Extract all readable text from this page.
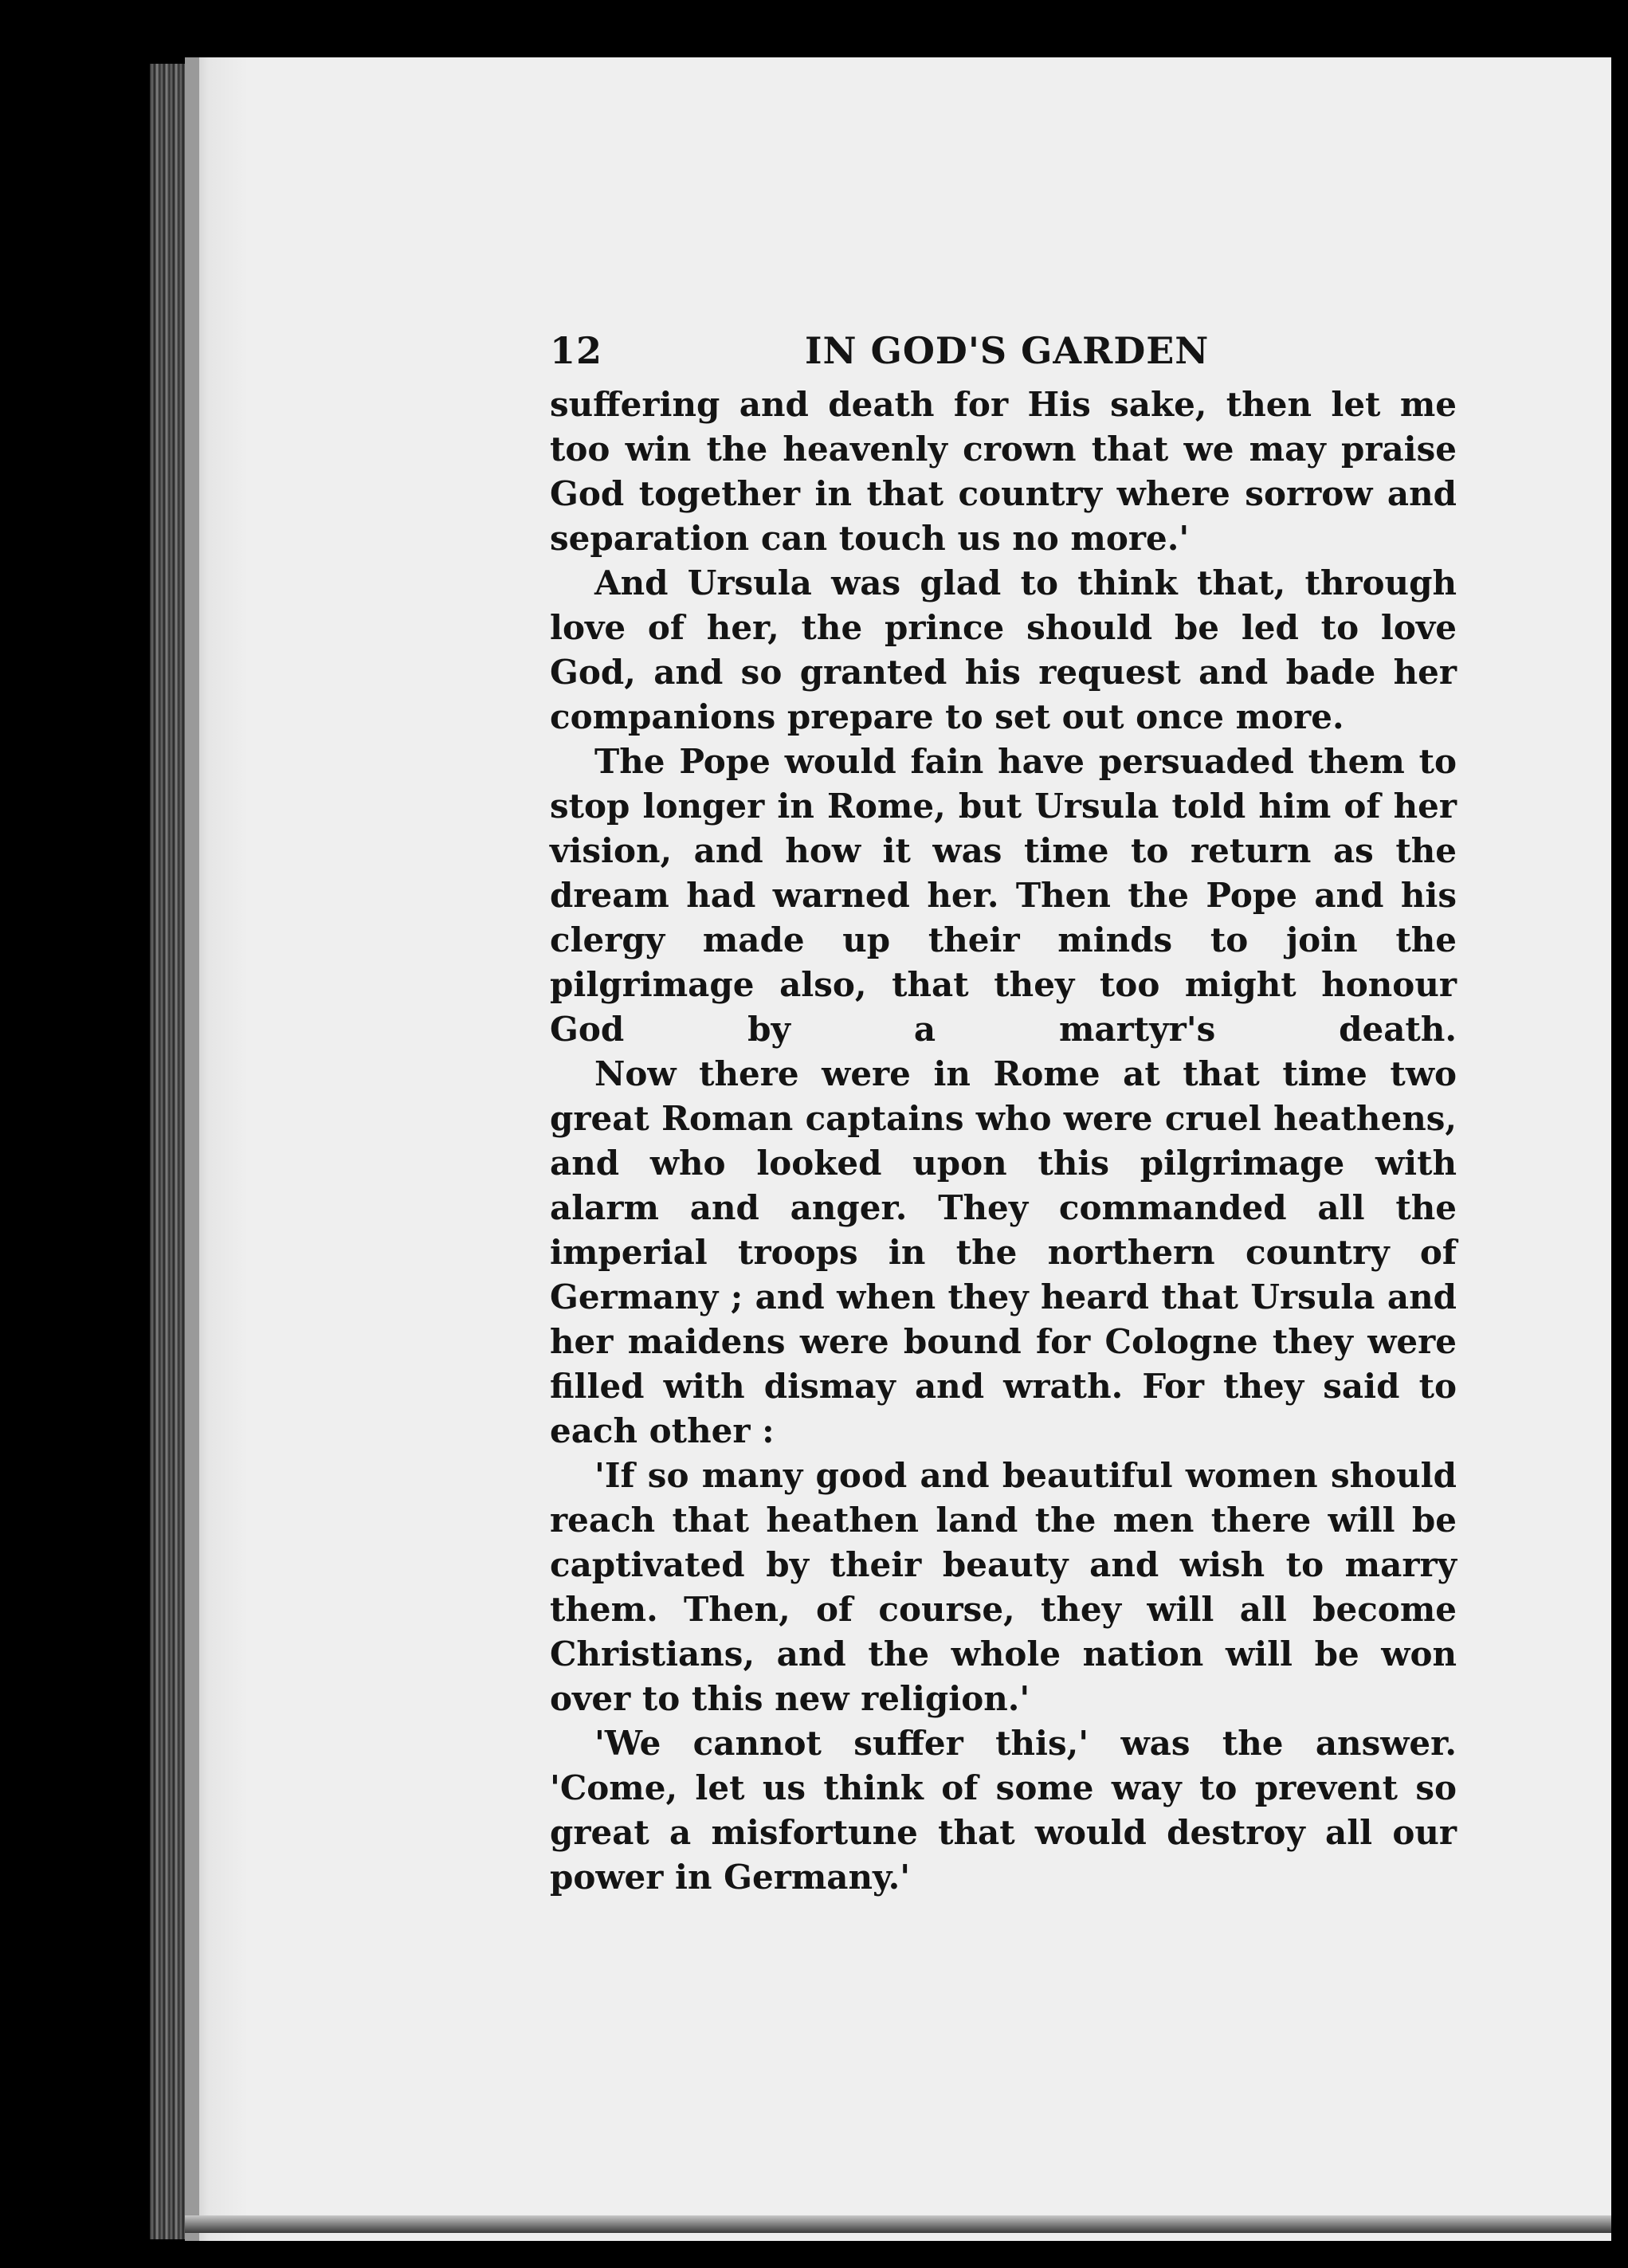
12	IN GOD'S GARDEN

suffering and death for His sake, then let me too win the heavenly crown that we may praise God together in that country where sorrow and separation can touch us no more.'

And Ursula was glad to think that, through love of her, the prince should be led to love God, and so granted his request and bade her companions prepare to set out once more.

The Pope would fain have persuaded them to stop longer in Rome, but Ursula told him of her vision, and how it was time to return as the dream had warned her. Then the Pope and his clergy made up their minds to join the pilgrimage also, that they too might honour God by a martyr's death.

Now there were in Rome at that time two great Roman captains who were cruel heathens, and who looked upon this pilgrimage with alarm and anger. They commanded all the imperial troops in the northern country of Germany ; and when they heard that Ursula and her maidens were bound for Cologne they were filled with dismay and wrath. For they said to each other :

'If so many good and beautiful women should reach that heathen land the men there will be captivated by their beauty and wish to marry them. Then, of course, they will all become Christians, and the whole nation will be won over to this new religion.'

'We cannot suffer this,' was the answer. 'Come, let us think of some way to prevent so great a misfortune that would destroy all our power in Germany.'
